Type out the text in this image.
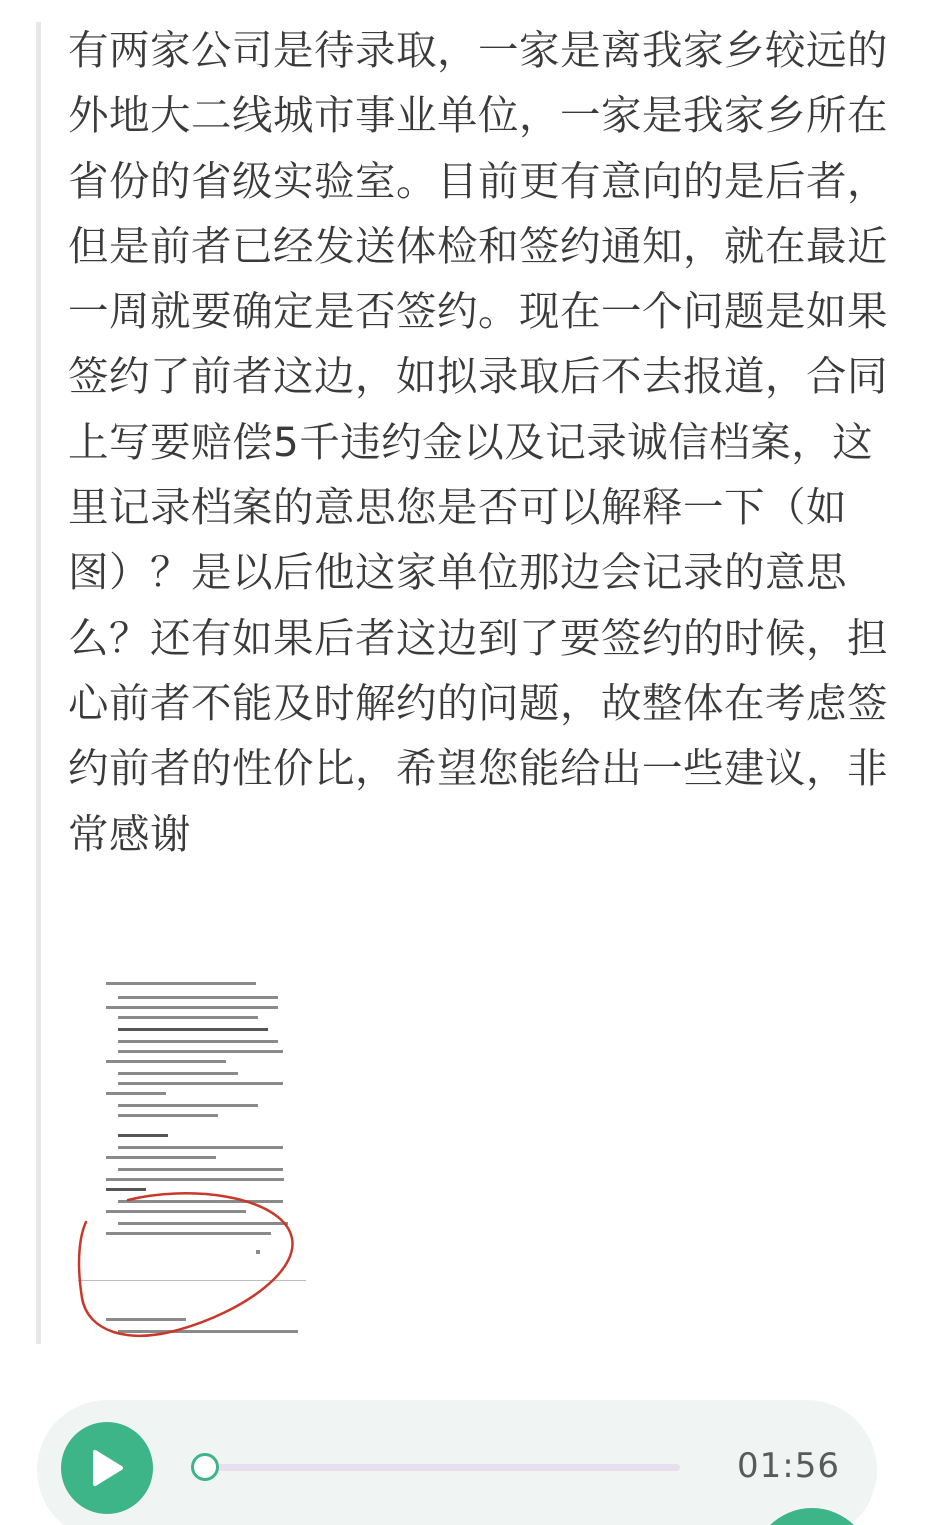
有两家公司是待录取，一家是离我家乡较远的外地大二线城市事业单位，一家是我家乡所在省份的省级实验室。目前更有意向的是后者，但是前者已经发送体检和签约通知，就在最近一周就要确定是否签约。现在一个问题是如果签约了前者这边，如拟录取后不去报道，合同上写要赔偿5千违约金以及记录诚信档案，这里记录档案的意思您是否可以解释一下（如图）？是以后他这家单位那边会记录的意思么？还有如果后者这边到了要签约的时候，担心前者不能及时解约的问题，故整体在考虑签约前者的性价比，希望您能给出一些建议，非常感谢

01:56
